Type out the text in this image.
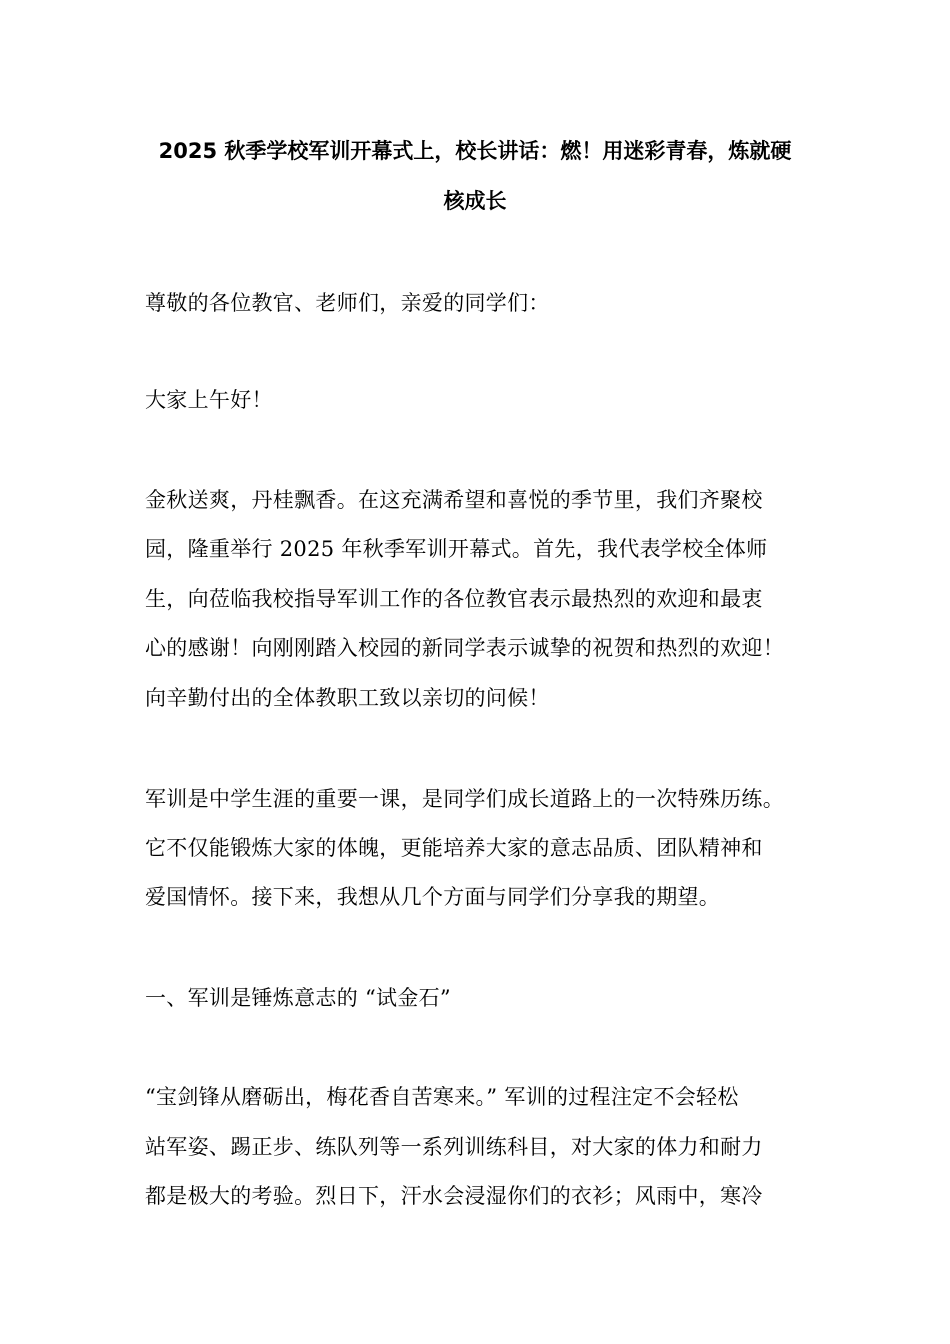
2025 秋季学校军训开幕式上，校长讲话：燃！用迷彩青春，炼就硬
核成长
尊敬的各位教官、老师们，亲爱的同学们：
大家上午好！
金秋送爽，丹桂飘香。在这充满希望和喜悦的季节里，我们齐聚校
园，隆重举行 2025 年秋季军训开幕式。首先，我代表学校全体师
生，向莅临我校指导军训工作的各位教官表示最热烈的欢迎和最衷
心的感谢！向刚刚踏入校园的新同学表示诚挚的祝贺和热烈的欢迎！
向辛勤付出的全体教职工致以亲切的问候！
军训是中学生涯的重要一课，是同学们成长道路上的一次特殊历练。
它不仅能锻炼大家的体魄，更能培养大家的意志品质、团队精神和
爱国情怀。接下来，我想从几个方面与同学们分享我的期望。
一、军训是锤炼意志的 “试金石”
“宝剑锋从磨砺出，梅花香自苦寒来。” 军训的过程注定不会轻松
站军姿、踢正步、练队列等一系列训练科目，对大家的体力和耐力
都是极大的考验。烈日下，汗水会浸湿你们的衣衫；风雨中，寒冷
